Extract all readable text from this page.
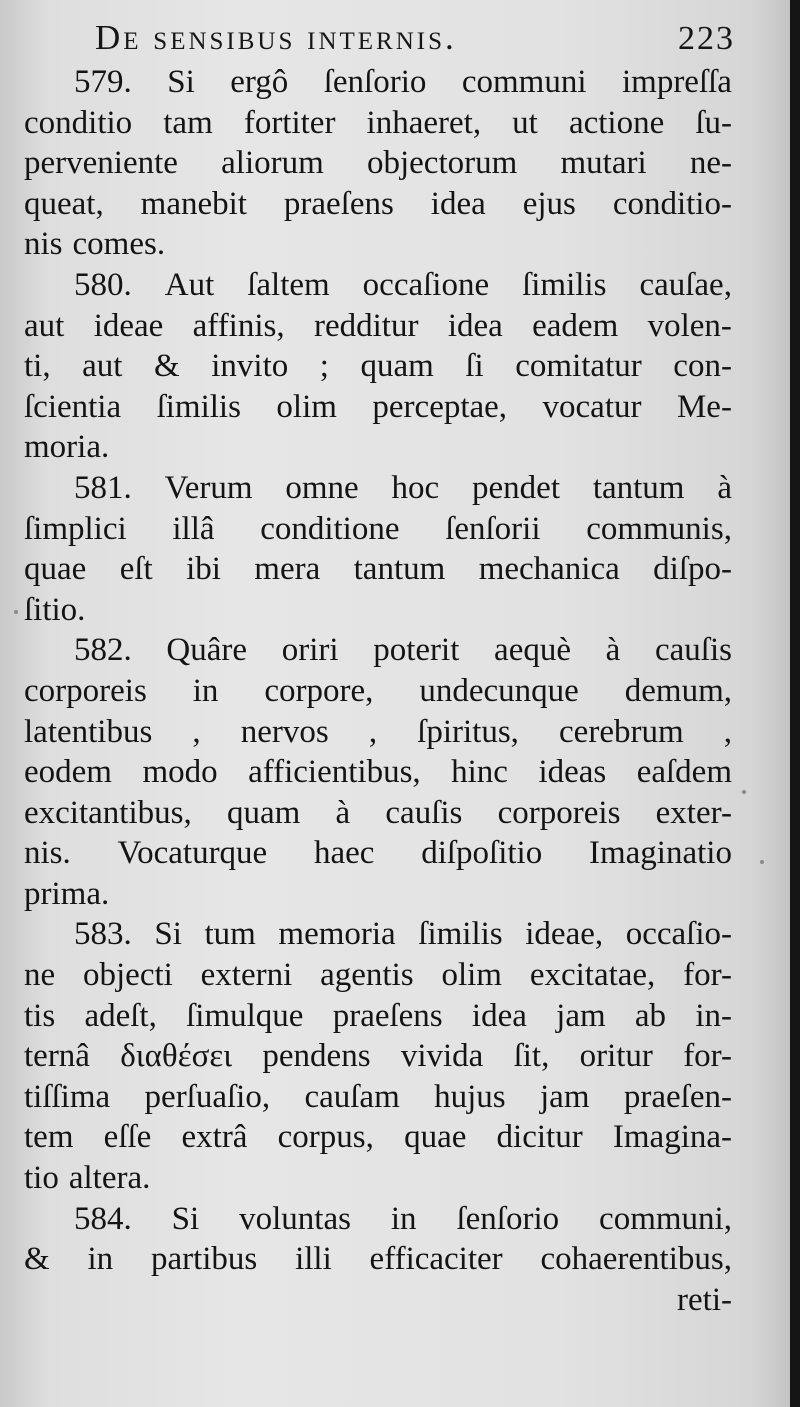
De sensibus internis.	223
579. Si ergô ſenſorio communi impreſſa
conditio tam fortiter inhaeret, ut actione ſu-
perveniente aliorum objectorum mutari ne-
queat, manebit praeſens idea ejus conditio-
nis comes.
580. Aut ſaltem occaſione ſimilis cauſae,
aut ideae affinis, redditur idea eadem volen-
ti, aut & invito ; quam ſi comitatur con-
ſcientia ſimilis olim perceptae, vocatur Me-
moria.
581. Verum omne hoc pendet tantum à
ſimplici illâ conditione ſenſorii communis,
quae eſt ibi mera tantum mechanica diſpo-
ſitio.
582. Quâre oriri poterit aequè à cauſis
corporeis in corpore, undecunque demum,
latentibus , nervos , ſpiritus, cerebrum ,
eodem modo afficientibus, hinc ideas eaſdem
excitantibus, quam à cauſis corporeis exter-
nis. Vocaturque haec diſpoſitio Imaginatio
prima.
583. Si tum memoria ſimilis ideae, occaſio-
ne objecti externi agentis olim excitatae, for-
tis adeſt, ſimulque praeſens idea jam ab in-
ternâ διαθέσει pendens vivida ſit, oritur for-
tiſſima perſuaſio, cauſam hujus jam praeſen-
tem eſſe extrâ corpus, quae dicitur Imagina-
tio altera.
584. Si voluntas in ſenſorio communi,
& in partibus illi efficaciter cohaerentibus,
reti-
